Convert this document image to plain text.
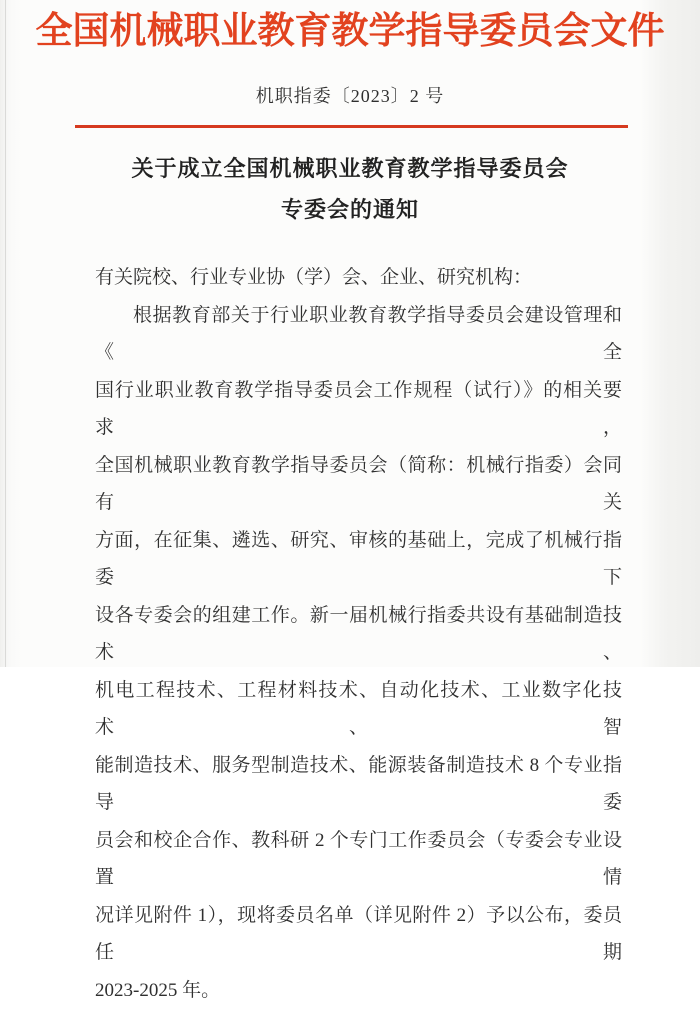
全国机械职业教育教学指导委员会文件
机职指委〔2023〕2 号
关于成立全国机械职业教育教学指导委员会
专委会的通知
有关院校、行业专业协（学）会、企业、研究机构：
根据教育部关于行业职业教育教学指导委员会建设管理和《全
国行业职业教育教学指导委员会工作规程（试行）》的相关要求，
全国机械职业教育教学指导委员会（简称：机械行指委）会同有关
方面，在征集、遴选、研究、审核的基础上，完成了机械行指委下
设各专委会的组建工作。新一届机械行指委共设有基础制造技术、
机电工程技术、工程材料技术、自动化技术、工业数字化技术、智
能制造技术、服务型制造技术、能源装备制造技术 8 个专业指导委
员会和校企合作、教科研 2 个专门工作委员会（专委会专业设置情
况详见附件 1），现将委员名单（详见附件 2）予以公布，委员任期
2023-2025 年。
